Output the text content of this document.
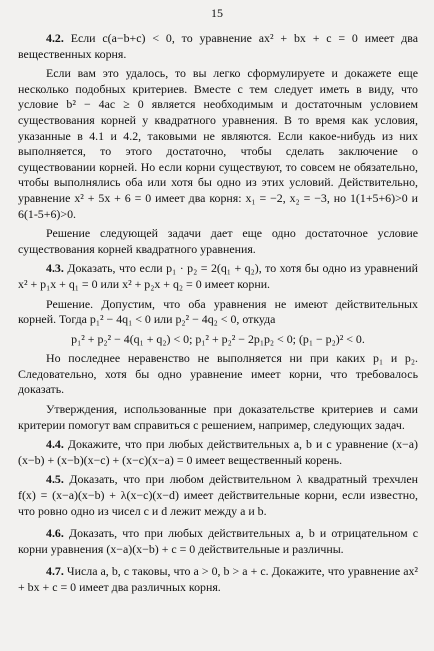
15

4.2. Если c(a−b+c) < 0, то уравнение ax² + bx + c = 0 имеет два вещественных корня.

Если вам это удалось, то вы легко сформулируете и докажете еще несколько подобных критериев. Вместе с тем следует иметь в виду, что условие b² − 4ac ≥ 0 является необходимым и достаточным условием существования корней у квадратного уравнения. В то время как условия, указанные в 4.1 и 4.2, таковыми не являются. Если какое-нибудь из них выполняется, то этого достаточно, чтобы сделать заключение о существовании корней. Но если корни существуют, то совсем не обязательно, чтобы выполнялись оба или хотя бы одно из этих условий. Действительно, уравнение x² + 5x + 6 = 0 имеет два корня: x₁ = −2, x₂ = −3, но 1(1+5+6)>0 и 6(1-5+6)>0.

Решение следующей задачи дает еще одно достаточное условие существования корней квадратного уравнения.

4.3. Доказать, что если p₁ · p₂ = 2(q₁ + q₂), то хотя бы одно из уравнений x² + p₁x + q₁ = 0 или x² + p₂x + q₂ = 0 имеет корни.

Решение. Допустим, что оба уравнения не имеют действительных корней. Тогда p₁² − 4q₁ < 0 или p₂² − 4q₂ < 0, откуда

p₁² + p₂² − 4(q₁ + q₂) < 0; p₁² + p₂² − 2p₁p₂ < 0; (p₁ − p₂)² < 0.

Но последнее неравенство не выполняется ни при каких p₁ и p₂. Следовательно, хотя бы одно уравнение имеет корни, что требовалось доказать.

Утверждения, использованные при доказательстве критериев и сами критерии помогут вам справиться с решением, например, следующих задач.

4.4. Докажите, что при любых действительных a, b и c уравнение (x−a)(x−b) + (x−b)(x−c) + (x−c)(x−a) = 0 имеет вещественный корень.

4.5. Доказать, что при любом действительном λ квадратный трехчлен f(x) = (x−a)(x−b) + λ(x−c)(x−d) имеет действительные корни, если известно, что ровно одно из чисел c и d лежит между a и b.

4.6. Доказать, что при любых действительных a, b и отрицательном c корни уравнения (x−a)(x−b) + c = 0 действительные и различны.

4.7. Числа a, b, c таковы, что a > 0, b > a + c. Докажите, что уравнение ax² + bx + c = 0 имеет два различных корня.
